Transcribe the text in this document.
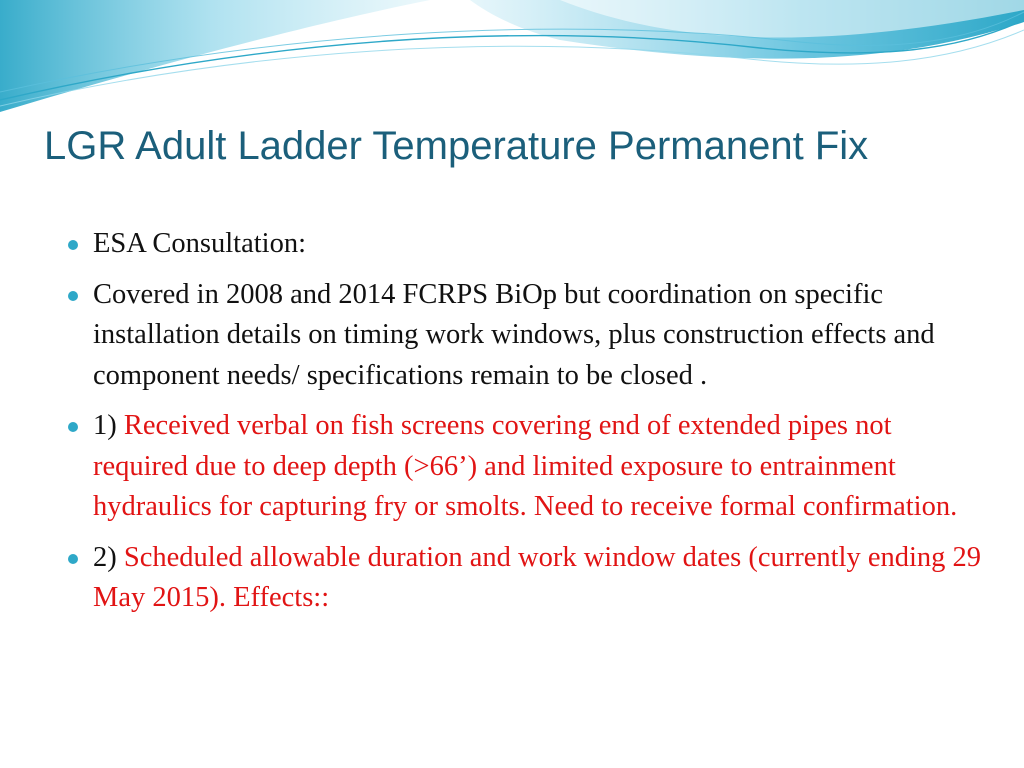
LGR Adult Ladder Temperature Permanent Fix
ESA Consultation:
Covered in 2008 and 2014 FCRPS BiOp but coordination on specific installation details on timing work windows, plus construction effects and component needs/ specifications remain to be closed .
1) Received verbal on fish screens covering end of extended pipes not required due to deep depth (>66’) and limited exposure to entrainment hydraulics for capturing fry or smolts. Need to receive formal confirmation.
2) Scheduled allowable duration and work window dates (currently ending 29 May 2015). Effects::
